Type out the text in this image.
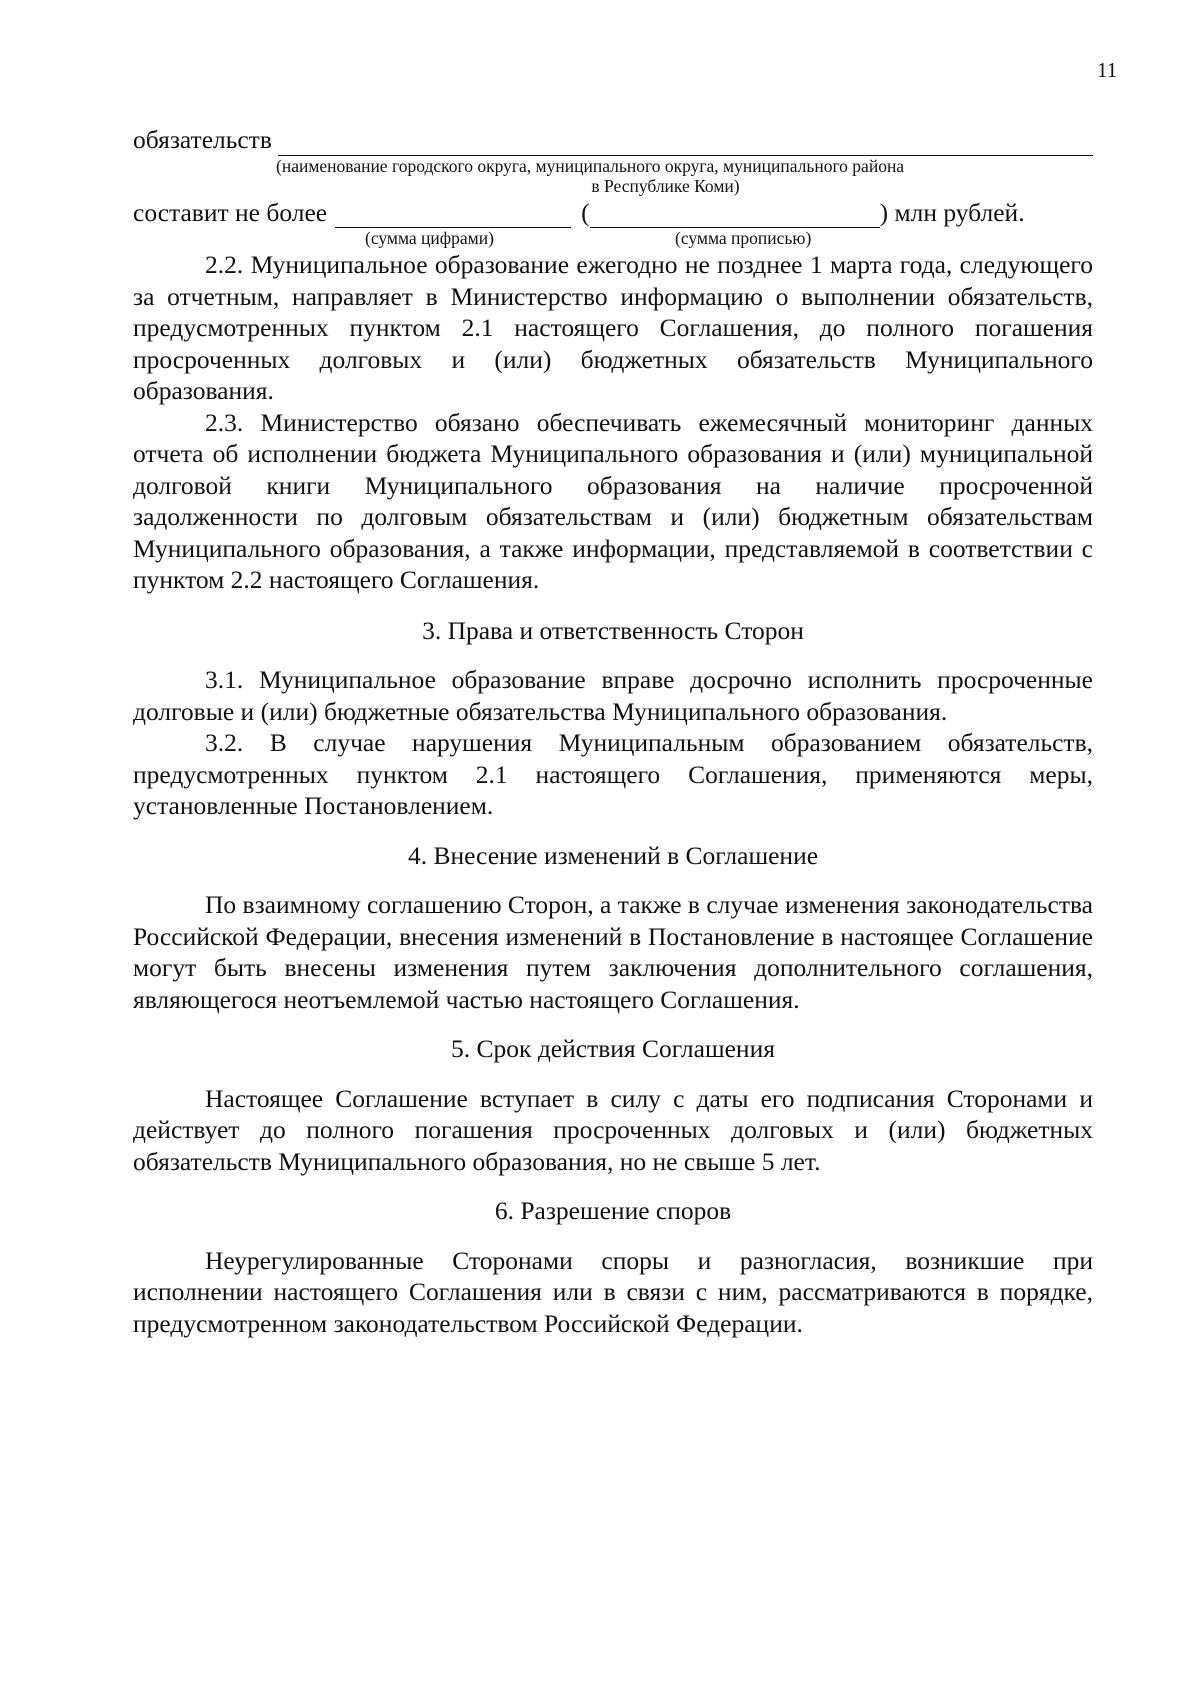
11
обязательств
(наименование городского округа, муниципального округа, муниципального района
в Республике Коми)
составит не более	(	) млн рублей.
(сумма цифрами)	(сумма прописью)

2.2. Муниципальное образование ежегодно не позднее 1 марта года, следующего за отчетным, направляет в Министерство информацию о выполнении обязательств, предусмотренных пунктом 2.1 настоящего Соглашения, до полного погашения просроченных долговых и (или) бюджетных обязательств Муниципального образования.

2.3. Министерство обязано обеспечивать ежемесячный мониторинг данных отчета об исполнении бюджета Муниципального образования и (или) муниципальной долговой книги Муниципального образования на наличие просроченной задолженности по долговым обязательствам и (или) бюджетным обязательствам Муниципального образования, а также информации, представляемой в соответствии с пунктом 2.2 настоящего Соглашения.

3. Права и ответственность Сторон

3.1. Муниципальное образование вправе досрочно исполнить просроченные долговые и (или) бюджетные обязательства Муниципального образования.

3.2. В случае нарушения Муниципальным образованием обязательств, предусмотренных пунктом 2.1 настоящего Соглашения, применяются меры, установленные Постановлением.

4. Внесение изменений в Соглашение

По взаимному соглашению Сторон, а также в случае изменения законодательства Российской Федерации, внесения изменений в Постановление в настоящее Соглашение могут быть внесены изменения путем заключения дополнительного соглашения, являющегося неотъемлемой частью настоящего Соглашения.

5. Срок действия Соглашения

Настоящее Соглашение вступает в силу с даты его подписания Сторонами и действует до полного погашения просроченных долговых и (или) бюджетных обязательств Муниципального образования, но не свыше 5 лет.

6. Разрешение споров

Неурегулированные Сторонами споры и разногласия, возникшие при исполнении настоящего Соглашения или в связи с ним, рассматриваются в порядке, предусмотренном законодательством Российской Федерации.
